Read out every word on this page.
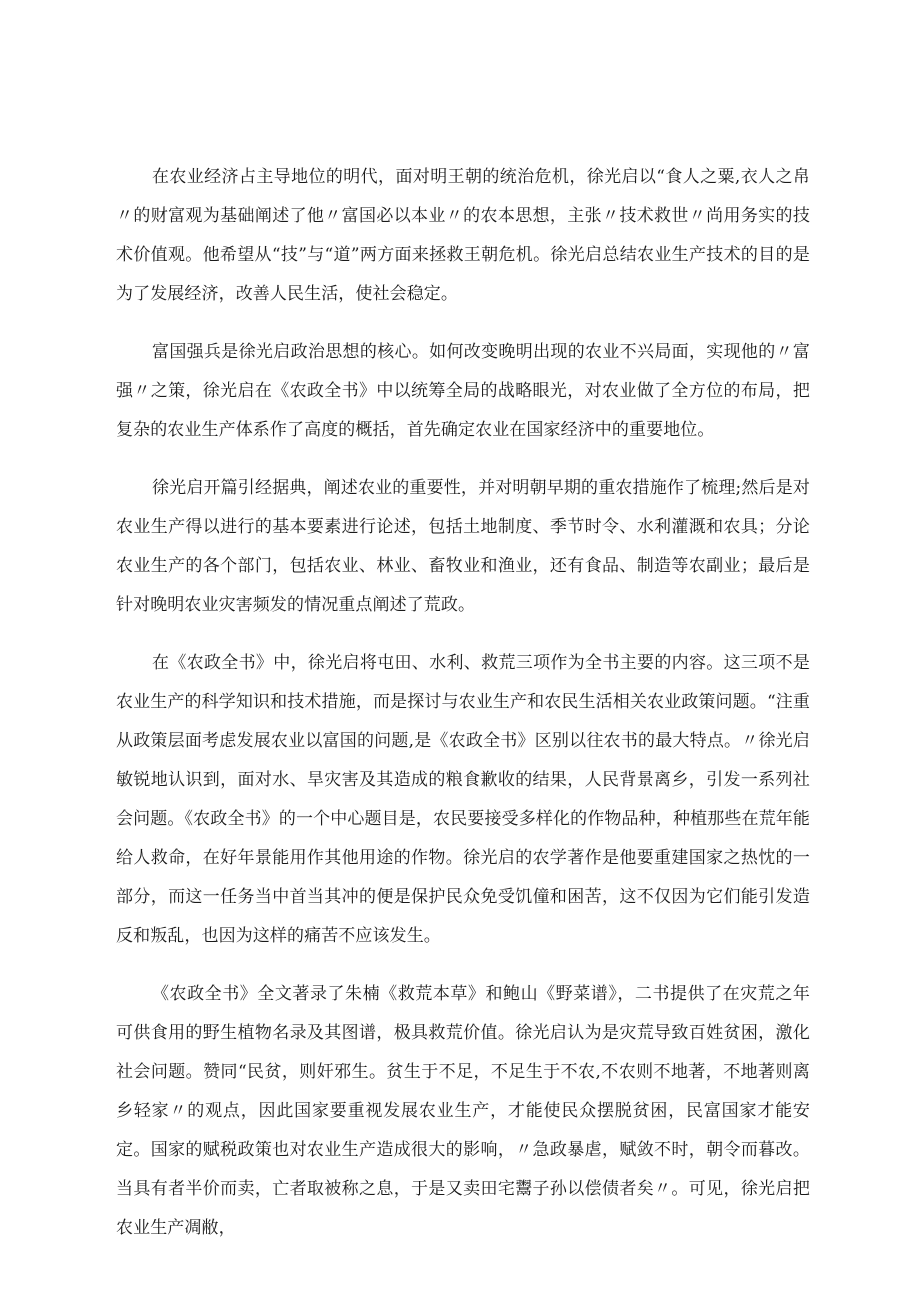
在农业经济占主导地位的明代，面对明王朝的统治危机，徐光启以“食人之粟,衣人之帛〃的财富观为基础阐述了他〃富国必以本业〃的农本思想，主张〃技术救世〃尚用务实的技术价值观。他希望从“技”与“道”两方面来拯救王朝危机。徐光启总结农业生产技术的目的是为了发展经济，改善人民生活，使社会稳定。

富国强兵是徐光启政治思想的核心。如何改变晚明出现的农业不兴局面，实现他的〃富强〃之策，徐光启在《农政全书》中以统筹全局的战略眼光，对农业做了全方位的布局，把复杂的农业生产体系作了高度的概括，首先确定农业在国家经济中的重要地位。

徐光启开篇引经据典，阐述农业的重要性，并对明朝早期的重农措施作了梳理;然后是对农业生产得以进行的基本要素进行论述，包括土地制度、季节时令、水利灌溉和农具；分论农业生产的各个部门，包括农业、林业、畜牧业和渔业，还有食品、制造等农副业；最后是针对晚明农业灾害频发的情况重点阐述了荒政。

在《农政全书》中，徐光启将屯田、水利、救荒三项作为全书主要的内容。这三项不是农业生产的科学知识和技术措施，而是探讨与农业生产和农民生活相关农业政策问题。“注重从政策层面考虑发展农业以富国的问题,是《农政全书》区别以往农书的最大特点。〃徐光启敏锐地认识到，面对水、旱灾害及其造成的粮食歉收的结果，人民背景离乡，引发一系列社会问题。《农政全书》的一个中心题目是，农民要接受多样化的作物品种，种植那些在荒年能给人救命，在好年景能用作其他用途的作物。徐光启的农学著作是他要重建国家之热忱的一部分，而这一任务当中首当其冲的便是保护民众免受饥僮和困苦，这不仅因为它们能引发造反和叛乱，也因为这样的痛苦不应该发生。

《农政全书》全文著录了朱楠《救荒本草》和鲍山《野菜谱》，二书提供了在灾荒之年可供食用的野生植物名录及其图谱，极具救荒价值。徐光启认为是灾荒导致百姓贫困，激化社会问题。赞同“民贫，则奸邪生。贫生于不足，不足生于不农,不农则不地著，不地著则离乡轻家〃的观点，因此国家要重视发展农业生产，才能使民众摆脱贫困，民富国家才能安定。国家的赋税政策也对农业生产造成很大的影响，〃急政暴虐，赋敛不时，朝令而暮改。当具有者半价而卖，亡者取被称之息，于是又卖田宅鬻子孙以偿债者矣〃。可见，徐光启把农业生产凋敝，
